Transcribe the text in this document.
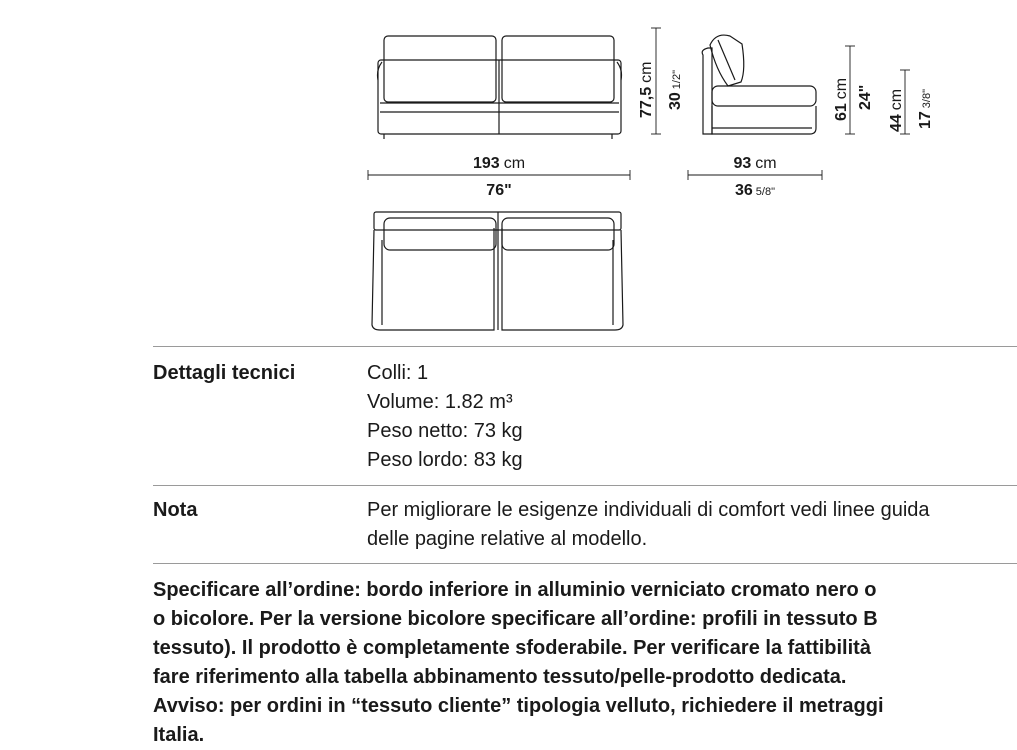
193 cm
76"
93 cm
36 5/8"
77,5cm
301/2"
61cm 24"
44cm
173/8"
Dettagli tecnici	Colli: 1
Volume: 1.82 m³
Peso netto: 73 kg
Peso lordo: 83 kg
Nota	Per migliorare le esigenze individuali di comfort vedi linee guida
delle pagine relative al modello.
Specificare all’ordine: bordo inferiore in alluminio verniciato cromato nero o
o bicolore. Per la versione bicolore specificare all’ordine: profili in tessuto B
tessuto). Il prodotto è completamente sfoderabile. Per verificare la fattibilità
fare riferimento alla tabella abbinamento tessuto/pelle-prodotto dedicata.
Avviso: per ordini in “tessuto cliente” tipologia velluto, richiedere il metraggi
Italia.
